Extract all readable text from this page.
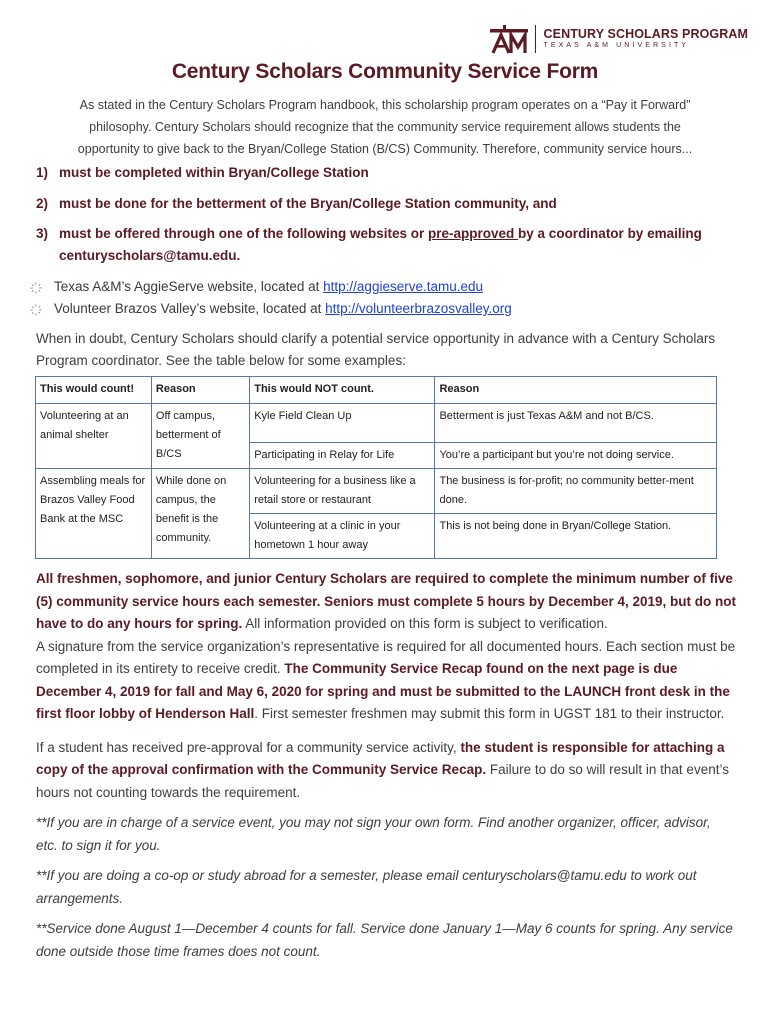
CENTURY SCHOLARS PROGRAM
TEXAS A&M UNIVERSITY
Century Scholars Community Service Form
As stated in the Century Scholars Program handbook, this scholarship program operates on a “Pay it Forward” philosophy. Century Scholars should recognize that the community service requirement allows students the opportunity to give back to the Bryan/College Station (B/CS) Community. Therefore, community service hours...
1) must be completed within Bryan/College Station
2) must be done for the betterment of the Bryan/College Station community, and
3) must be offered through one of the following websites or pre-approved by a coordinator by emailing
centuryscholars@tamu.edu.
Texas A&M’s AggieServe website, located at http://aggieserve.tamu.edu
Volunteer Brazos Valley’s website, located at http://volunteerbrazosvalley.org
When in doubt, Century Scholars should clarify a potential service opportunity in advance with a Century Scholars Program coordinator. See the table below for some examples:
This would count!	Reason	This would NOT count.	Reason
Volunteering at an animal shelter	Off campus, betterment of B/CS	Kyle Field Clean Up	Betterment is just Texas A&M and not B/CS.
		Participating in Relay for Life	You’re a participant but you’re not doing service.
Assembling meals for Brazos Valley Food Bank at the MSC	While done on campus, the benefit is the community.	Volunteering for a business like a retail store or restaurant	The business is for-profit; no community better-ment done.
		Volunteering at a clinic in your hometown 1 hour away	This is not being done in Bryan/College Station.

All freshmen, sophomore, and junior Century Scholars are required to complete the minimum number of five (5) community service hours each semester. Seniors must complete 5 hours by December 4, 2019, but do not have to do any hours for spring. All information provided on this form is subject to verification.

A signature from the service organization’s representative is required for all documented hours. Each section must be completed in its entirety to receive credit. The Community Service Recap found on the next page is due December 4, 2019 for fall and May 6, 2020 for spring and must be submitted to the LAUNCH front desk in the first floor lobby of Henderson Hall. First semester freshmen may submit this form in UGST 181 to their instructor.

If a student has received pre-approval for a community service activity, the student is responsible for attaching a copy of the approval confirmation with the Community Service Recap. Failure to do so will result in that event’s hours not counting towards the requirement.

**If you are in charge of a service event, you may not sign your own form. Find another organizer, officer, advisor, etc. to sign it for you.

**If you are doing a co-op or study abroad for a semester, please email centuryscholars@tamu.edu to work out arrangements.

**Service done August 1—December 4 counts for fall. Service done January 1—May 6 counts for spring. Any service done outside those time frames does not count.
